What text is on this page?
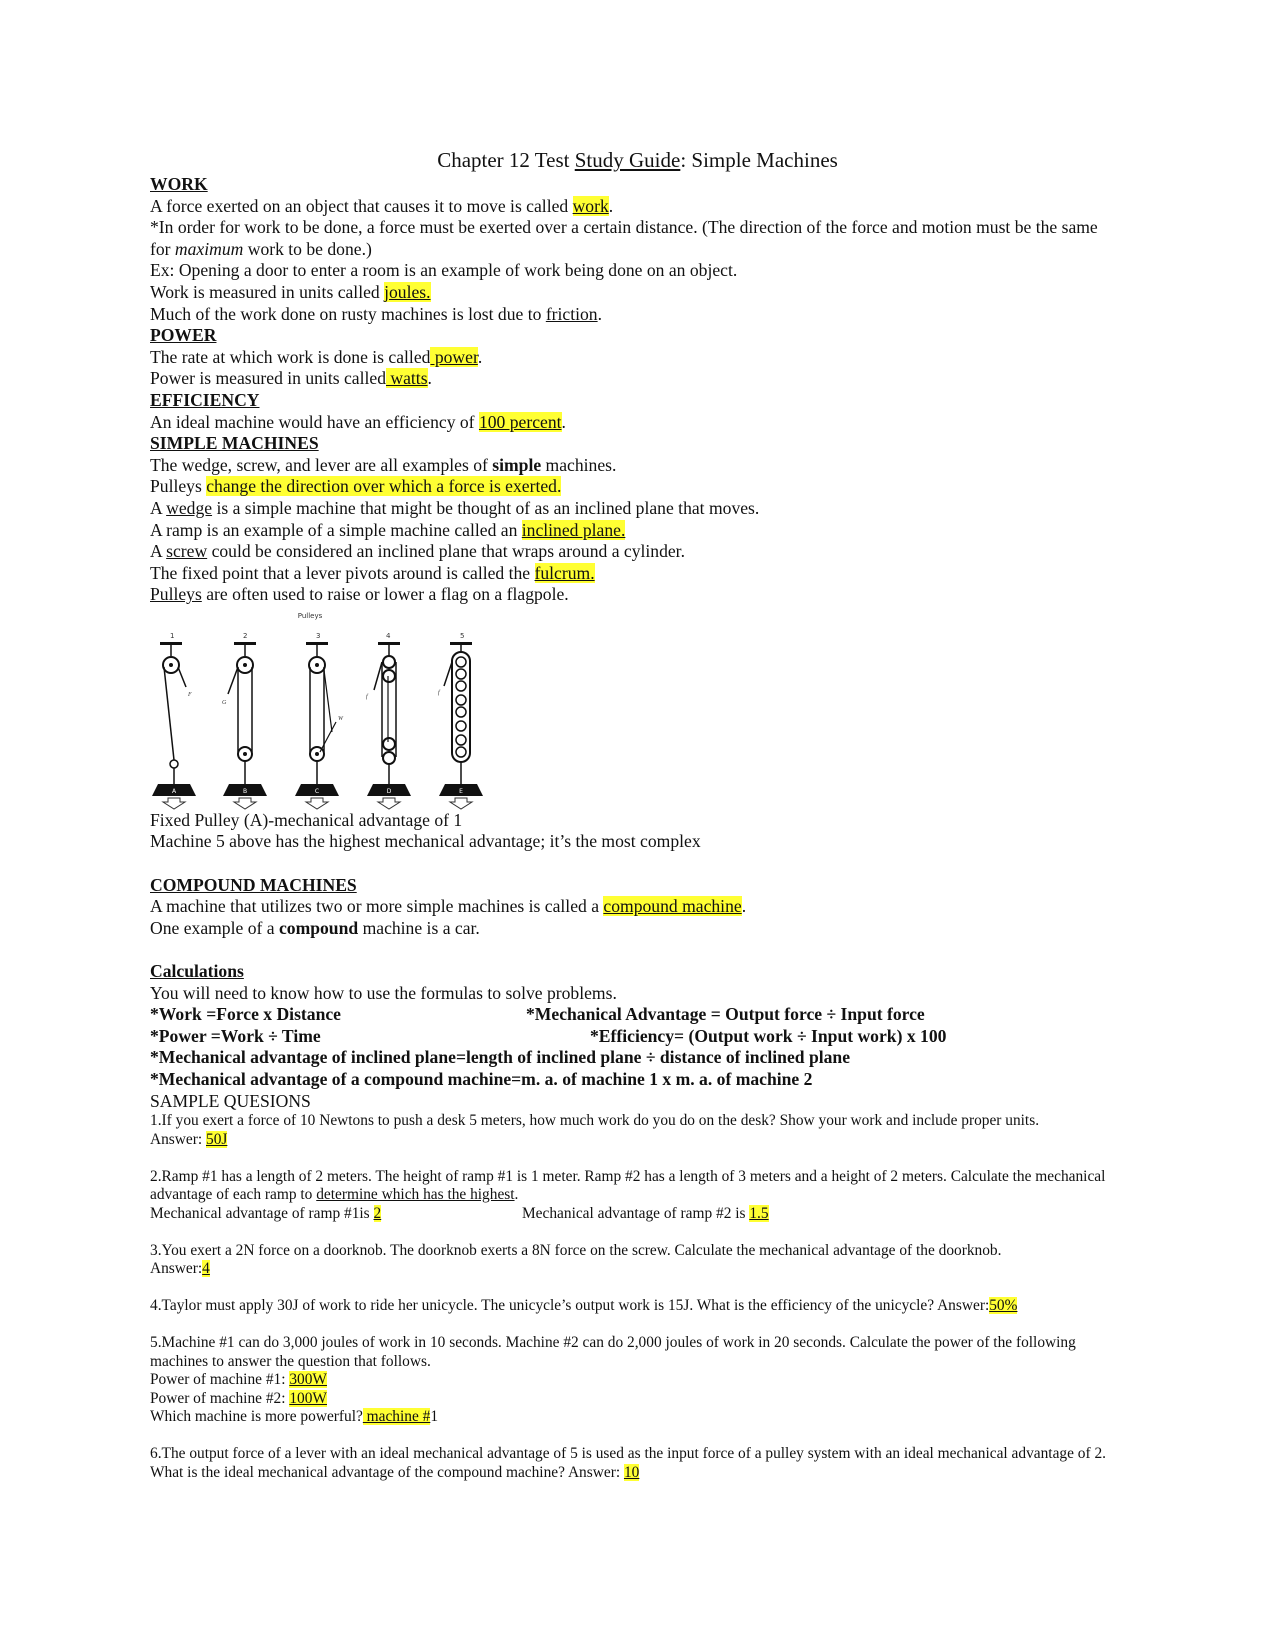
Chapter 12 Test Study Guide: Simple Machines
WORK
A force exerted on an object that causes it to move is called work.
*In order for work to be done, a force must be exerted over a certain distance. (The direction of the force and motion must be the same for maximum work to be done.)
Ex: Opening a door to enter a room is an example of work being done on an object.
Work is measured in units called joules.
Much of the work done on rusty machines is lost due to friction.
POWER
The rate at which work is done is called power.
Power is measured in units called watts.
EFFICIENCY
An ideal machine would have an efficiency of 100 percent.
SIMPLE MACHINES
The wedge, screw, and lever are all examples of simple machines.
Pulleys change the direction over which a force is exerted.
A wedge is a simple machine that might be thought of as an inclined plane that moves.
A ramp is an example of a simple machine called an inclined plane.
A screw could be considered an inclined plane that wraps around a cylinder.
The fixed point that a lever pivots around is called the fulcrum.
Pulleys are often used to raise or lower a flag on a flagpole.
Pulleys
1
F
A
2
G
B
3
W
C
4
f
D
5
f
E
Fixed Pulley (A)-mechanical advantage of 1
Machine 5 above has the highest mechanical advantage; it’s the most complex
COMPOUND MACHINES
A machine that utilizes two or more simple machines is called a compound machine.
One example of a compound machine is a car.
Calculations
You will need to know how to use the formulas to solve problems.
*Work =Force x Distance	*Mechanical Advantage = Output force ÷ Input force
*Power =Work ÷ Time	*Efficiency= (Output work ÷ Input work) x 100
*Mechanical advantage of inclined plane=length of inclined plane ÷ distance of inclined plane
*Mechanical advantage of a compound machine=m. a. of machine 1 x m. a. of machine 2
SAMPLE QUESIONS
1.If you exert a force of 10 Newtons to push a desk 5 meters, how much work do you do on the desk? Show your work and include proper units.
Answer: 50J
2.Ramp #1 has a length of 2 meters. The height of ramp #1 is 1 meter. Ramp #2 has a length of 3 meters and a height of 2 meters. Calculate the mechanical advantage of each ramp to determine which has the highest.
Mechanical advantage of ramp #1is 2	Mechanical advantage of ramp #2 is 1.5
3.You exert a 2N force on a doorknob. The doorknob exerts a 8N force on the screw. Calculate the mechanical advantage of the doorknob.
Answer:4
4.Taylor must apply 30J of work to ride her unicycle. The unicycle’s output work is 15J. What is the efficiency of the unicycle? Answer:50%
5.Machine #1 can do 3,000 joules of work in 10 seconds. Machine #2 can do 2,000 joules of work in 20 seconds. Calculate the power of the following machines to answer the question that follows.
Power of machine #1: 300W
Power of machine #2: 100W
Which machine is more powerful? machine #1
6.The output force of a lever with an ideal mechanical advantage of 5 is used as the input force of a pulley system with an ideal mechanical advantage of 2. What is the ideal mechanical advantage of the compound machine? Answer: 10
